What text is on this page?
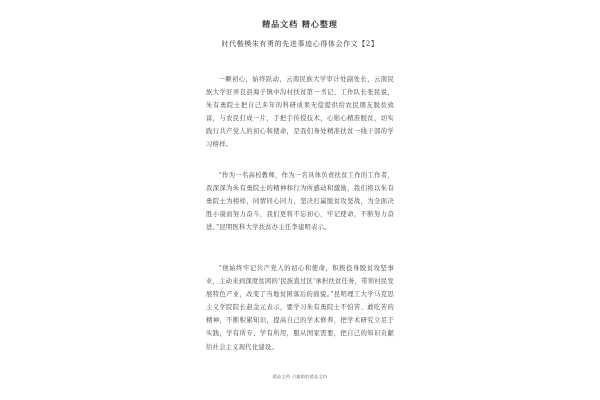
精品文档 精心整理
时代楷模朱有勇的先进事迹心得体会作文【2】
一颗初心，始终跃动，云南民族大学审计处副处长，云南民族大学驻弄良县海子镇中沟村扶贫第一书记、工作队长张民说，朱有勇院士把自己多年的科研成果无偿提供给农民朋友脱贫致富，与农民打成一片，手把手传授技术，心贴心精准脱贫，切实践行共产党人的初心和使命，是我们身处精准扶贫一线干部的学习榜样。
“作为一名高校教师，作为一名具体负责扶贫工作的工作者，我深深为朱有勇院士的精神和行为所感动和激励，我们将以朱有勇院士为榜样，同情同心同力，坚决打赢脱贫攻坚战，为全面决胜小康而努力奋斗，我们更将不忘初心、牢记使命，不断努力奋进。”昆明医科大学扶贫办主任李建明表示。
“他始终牢记共产党人的初心和使命，积极投身脱贫攻坚事业，主动来到深度贫困的‘民族直过区’承担扶贫任务，带领村民发展特色产业，改变了当地贫困落后的面貌。”昆明理工大学马克思主义学院院长赵金元表示，要学习朱有勇院士不怕苦、敢吃苦的精神，不断积累知识，提高自己的学术修养，把学术研究立足于实践，学有所专、学有所用，服从国家需要，把自己的知识贡献给社会主义现代化建设。
精品文档 可编辑的精品文档
